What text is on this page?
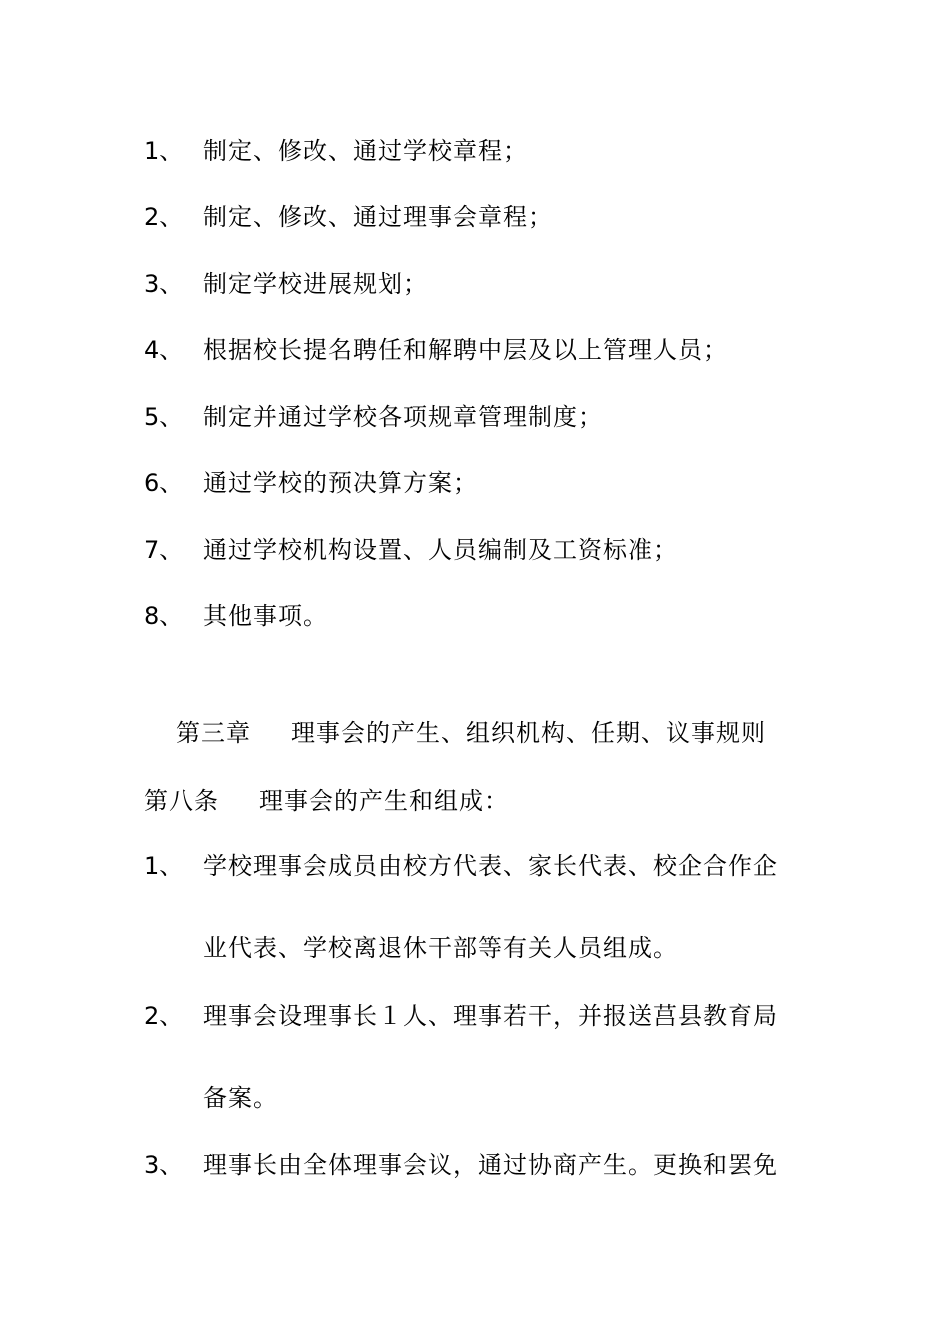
1、 制定、修改、通过学校章程；
2、 制定、修改、通过理事会章程；
3、 制定学校进展规划；
4、 根据校长提名聘任和解聘中层及以上管理人员；
5、 制定并通过学校各项规章管理制度；
6、 通过学校的预决算方案；
7、 通过学校机构设置、人员编制及工资标准；
8、 其他事项。
第三章 理事会的产生、组织机构、任期、议事规则
第八条 理事会的产生和组成：
1、 学校理事会成员由校方代表、家长代表、校企合作企
业代表、学校离退休干部等有关人员组成。
2、 理事会设理事长１人、理事若干，并报送莒县教育局
备案。
3、 理事长由全体理事会议，通过协商产生。更换和罢免
